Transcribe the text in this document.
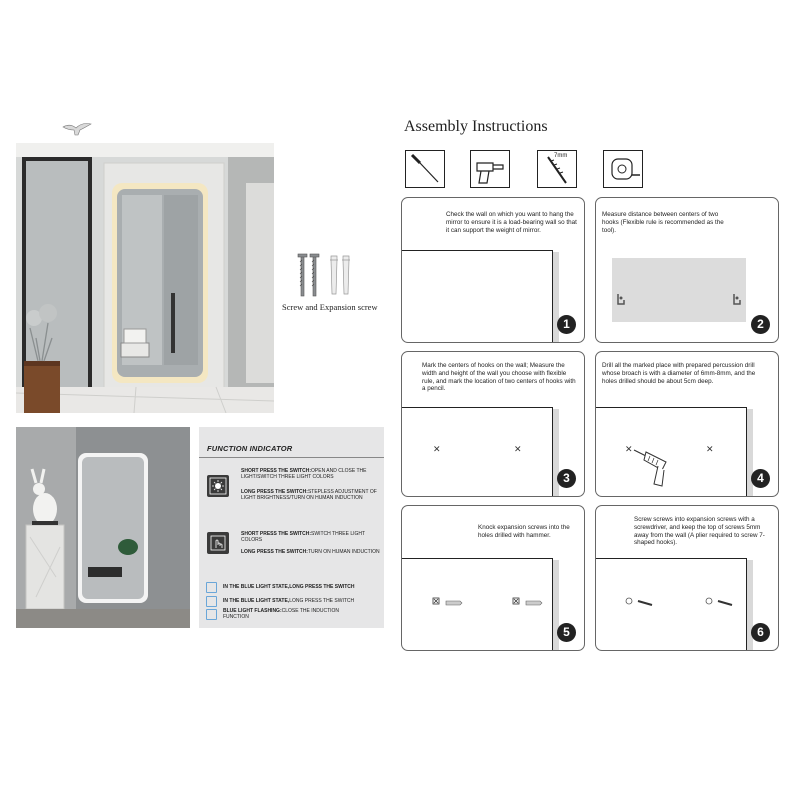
Screw and Expansion screw
FUNCTION INDICATOR
SHORT PRESS THE SWITCH:OPEN AND CLOSE THE LIGHT/SWITCH THREE LIGHT COLORS
LONG PRESS THE SWITCH:STEPLESS ADJUSTMENT OF LIGHT BRIGHTNESS/TURN ON HUMAN INDUCTION
SHORT PRESS THE SWITCH:SWITCH THREE LIGHT COLORS
LONG PRESS THE SWITCH:TURN ON HUMAN INDUCTION
IN THE BLUE LIGHT STATE,LONG PRESS THE SWITCH
IN THE BLUE LIGHT STATE,LONG PRESS THE SWITCH
BLUE LIGHT FLASHING:CLOSE THE INDUCTION FUNCTION
Assembly Instructions
7mm
Check the wall on which you want to hang the mirror to ensure it is a load-bearing wall so that it can support the weight of mirror.
1
Measure distance between centers of two hooks (Flexible rule is recommended as the tool).
2
Mark the centers of hooks on the wall; Measure the width and height of the wall you choose with flexible rule, and mark the location of two centers of hooks with a pencil.
✕	✕
3
Drill all the marked place with prepared percussion drill whose broach is with a diameter of 6mm-8mm, and the holes drilled should be about 5cm deep.
✕	✕
4
Knock expansion screws into the holes drilled with hammer.
5
Screw screws into expansion screws with a screwdriver, and keep the top of screws 5mm away from the wall (A plier required to screw 7-shaped hooks).
6
